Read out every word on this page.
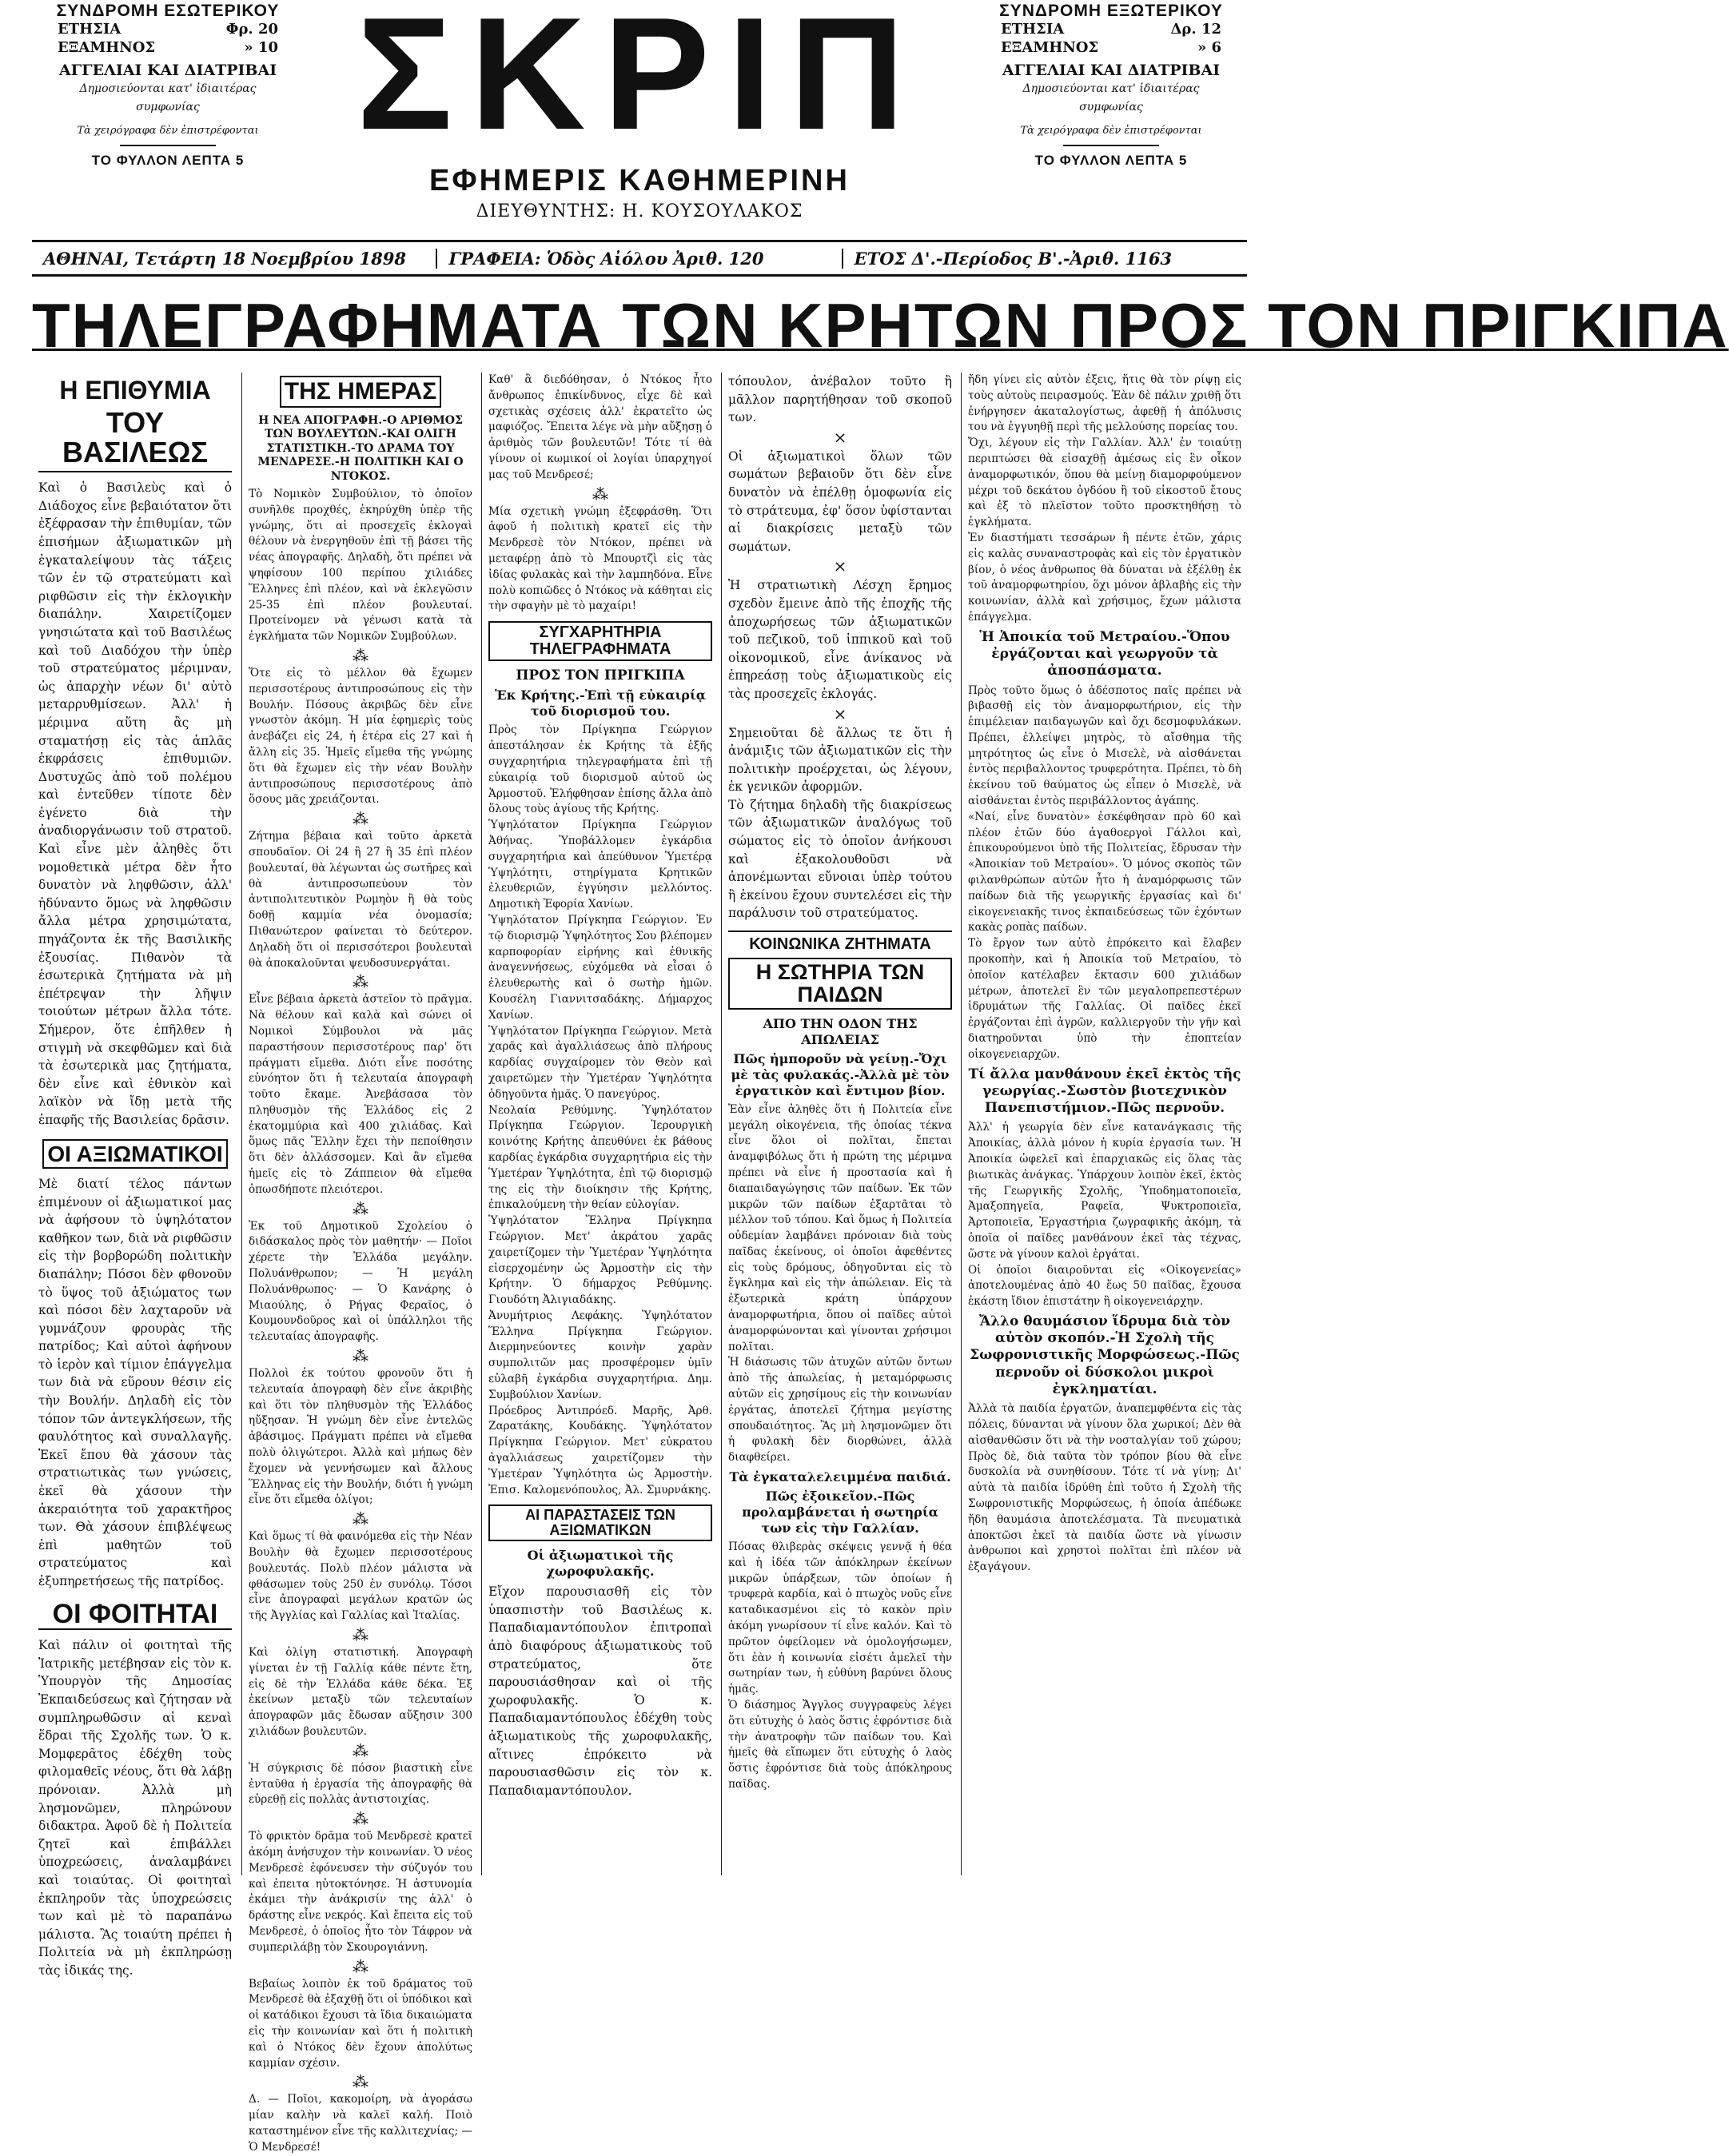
ΣΥΝΔΡΟΜΗ ΕΣΩΤΕΡΙΚΟΥ
ΕΤΗΣΙΑ	Φρ. 20
ΕΞΑΜΗΝΟΣ	» 10
ΑΓΓΕΛΙΑΙ ΚΑΙ ΔΙΑΤΡΙΒΑΙ
Δημοσιεύονται κατ' ἰδιαιτέρας συμφωνίας
Τὰ χειρόγραφα δὲν ἐπιστρέφονται
ΤΟ ΦΥΛΛΟΝ ΛΕΠΤΑ 5 ΣΚΡΙΠ
ΕΦΗΜΕΡΙΣ ΚΑΘΗΜΕΡΙΝΗ
ΔΙΕΥΘΥΝΤΗΣ: Η. ΚΟΥΣΟΥΛΑΚΟΣ
ΣΥΝΔΡΟΜΗ ΕΞΩΤΕΡΙΚΟΥ
ΕΤΗΣΙΑ	Δρ. 12
ΕΞΑΜΗΝΟΣ	» 6
ΑΓΓΕΛΙΑΙ ΚΑΙ ΔΙΑΤΡΙΒΑΙ
Δημοσιεύονται κατ' ἰδιαιτέρας συμφωνίας
Τὰ χειρόγραφα δὲν ἐπιστρέφονται
ΤΟ ΦΥΛΛΟΝ ΛΕΠΤΑ 5
ΑΘΗΝΑΙ, Τετάρτη 18 Νοεμβρίου 1898	ΓΡΑΦΕΙΑ: Ὁδὸς Αἰόλου Ἀριθ. 120	ΕΤΟΣ Δ'.-Περίοδος Β'.-Ἀριθ. 1163
ΤΗΛΕΓΡΑΦΗΜΑΤΑ ΤΩΝ ΚΡΗΤΩΝ ΠΡΟΣ ΤΟΝ ΠΡΙΓΚΙΠΑ
Η ΕΠΙΘΥΜΙΑ
ΤΟΥ ΒΑΣΙΛΕΩΣ
Καὶ ὁ Βασιλεὺς καὶ ὁ Διάδοχος εἶνε βεβαιότατον ὅτι ἐξέφρασαν τὴν ἐπιθυμίαν, τῶν ἐπισήμων ἀξιωματικῶν μὴ ἐγκαταλείψουν τὰς τάξεις τῶν ἐν τῷ στρατεύματι καὶ ριφθῶσιν εἰς τὴν ἐκλογικὴν διαπάλην. Χαιρετίζομεν γνησιώτατα καὶ τοῦ Βασιλέως καὶ τοῦ Διαδόχου τὴν ὑπὲρ τοῦ στρατεύματος μέριμναν, ὡς ἀπαρχὴν νέων δι' αὐτὸ μεταρρυθμίσεων. Ἀλλ' ἡ μέριμνα αὕτη ἂς μὴ σταματήσῃ εἰς τὰς ἁπλᾶς ἐκφράσεις ἐπιθυμιῶν. Δυστυχῶς ἀπὸ τοῦ πολέμου καὶ ἐντεῦθεν τίποτε δὲν ἐγένετο διὰ τὴν ἀναδιοργάνωσιν τοῦ στρατοῦ. Καὶ εἶνε μὲν ἀληθὲς ὅτι νομοθετικὰ μέτρα δὲν ἦτο δυνατὸν νὰ ληφθῶσιν, ἀλλ' ἠδύναντο ὅμως νὰ ληφθῶσιν ἄλλα μέτρα χρησιμώτατα, πηγάζοντα ἐκ τῆς Βασιλικῆς ἐξουσίας. Πιθανὸν τὰ ἐσωτερικὰ ζητήματα νὰ μὴ ἐπέτρεψαν τὴν λῆψιν τοιούτων μέτρων ἄλλα τότε. Σήμερον, ὅτε ἐπῆλθεν ἡ στιγμὴ νὰ σκεφθῶμεν καὶ διὰ τὰ ἐσωτερικὰ μας ζητήματα, δὲν εἶνε καὶ ἐθνικὸν καὶ λαϊκὸν νὰ ἴδῃ μετὰ τῆς ἐπαφῆς τῆς Βασιλείας δρᾶσιν.
ΟΙ ΑΞΙΩΜΑΤΙΚΟΙ
Μὲ διατί τέλος πάντων ἐπιμένουν οἱ ἀξιωματικοί μας νὰ ἀφήσουν τὸ ὑψηλότατον καθῆκον των, διὰ νὰ ριφθῶσιν εἰς τὴν βορβορώδη πολιτικὴν διαπάλην; Πόσοι δὲν φθονοῦν τὸ ὕψος τοῦ ἀξιώματος των καὶ πόσοι δὲν λαχταροῦν νὰ γυμνάζουν φρουρὰς τῆς πατρίδος; Καὶ αὐτοὶ ἀφήνουν τὸ ἱερὸν καὶ τίμιον ἐπάγγελμα των διὰ νὰ εὕρουν θέσιν εἰς τὴν Βουλήν. Δηλαδὴ εἰς τὸν τόπον τῶν ἀντεγκλήσεων, τῆς φαυλότητος καὶ συναλλαγῆς. Ἐκεῖ ἔπου θὰ χάσουν τὰς στρατιωτικὰς των γνώσεις, ἐκεῖ θὰ χάσουν τὴν ἀκεραιότητα τοῦ χαρακτῆρος των. Θὰ χάσουν ἐπιβλέψεως ἐπὶ μαθητῶν τοῦ στρατεύματος καὶ ἐξυπηρετήσεως τῆς πατρίδος.
ΟΙ ΦΟΙΤΗΤΑΙ
Καὶ πάλιν οἱ φοιτηταὶ τῆς Ἰατρικῆς μετέβησαν εἰς τὸν κ. Ὑπουργὸν τῆς Δημοσίας Ἐκπαιδεύσεως καὶ ζήτησαν νὰ συμπληρωθῶσιν αἱ κεναὶ ἕδραι τῆς Σχολῆς των. Ὁ κ. Μομφερᾶτος ἐδέχθη τοὺς φιλομαθεῖς νέους, ὅτι θὰ λάβῃ πρόνοιαν. Ἀλλὰ μὴ λησμονῶμεν, πληρώνουν διδακτρα. Ἀφοῦ δὲ ἡ Πολιτεία ζητεῖ καὶ ἐπιβάλλει ὑποχρεώσεις, ἀναλαμβάνει καὶ τοιαύτας. Οἱ φοιτηταὶ ἐκπληροῦν τὰς ὑποχρεώσεις των καὶ μὲ τὸ παραπάνω μάλιστα. Ἂς τοιαύτη πρέπει ἡ Πολιτεία νὰ μὴ ἐκπληρώσῃ τὰς ἰδικάς της.
ΤΗΣ ΗΜΕΡΑΣ
Η ΝΕΑ ΑΠΟΓΡΑΦΗ.-Ο ΑΡΙΘΜΟΣ ΤΩΝ ΒΟΥΛΕΥΤΩΝ.-ΚΑΙ ΟΛΙΓΗ ΣΤΑΤΙΣΤΙΚΗ.-ΤΟ ΔΡΑΜΑ ΤΟΥ ΜΕΝΔΡΕΣΕ.-Η ΠΟΛΙΤΙΚΗ ΚΑΙ Ο ΝΤΟΚΟΣ.
Τὸ Νομικὸν Συμβούλιον, τὸ ὁποῖον συνῆλθε προχθές, ἐκηρύχθη ὑπὲρ τῆς γνώμης, ὅτι αἱ προσεχεῖς ἐκλογαὶ θέλουν νὰ ἐνεργηθοῦν ἐπὶ τῇ βάσει τῆς νέας ἀπογραφῆς. Δηλαδὴ, ὅτι πρέπει νὰ ψηφίσουν 100 περίπου χιλιάδες Ἕλληνες ἐπὶ πλέον, καὶ νὰ ἐκλεγῶσιν 25-35 ἐπὶ πλέον βουλευταί. Προτείνομεν νὰ γένωσι κατὰ τὰ ἐγκλήματα τῶν Νομικῶν Συμβούλων.
⁂
Ὅτε εἰς τὸ μέλλον θὰ ἔχωμεν περισσοτέρους ἀντιπροσώπους εἰς τὴν Βουλήν. Πόσους ἀκριβῶς δὲν εἶνε γνωστὸν ἀκόμη. Ἡ μία ἐφημερὶς τοὺς ἀνεβάζει εἰς 24, ἡ ἑτέρα εἰς 27 καὶ ἡ ἄλλη εἰς 35. Ἡμεῖς εἴμεθα τῆς γνώμης ὅτι θὰ ἔχωμεν εἰς τὴν νέαν Βουλὴν ἀντιπροσώπους περισσοτέρους ἀπὸ ὅσους μᾶς χρειάζονται.
⁂
Ζήτημα βέβαια καὶ τοῦτο ἀρκετὰ σπουδαῖον. Οἱ 24 ἢ 27 ἢ 35 ἐπὶ πλέον βουλευταί, θὰ λέγωνται ὡς σωτῆρες καὶ θὰ ἀντιπροσωπεύουν τὸν ἀντιπολιτευτικὸν Ρωμηὸν ἢ θὰ τοὺς δοθῇ καμμία νέα ὀνομασία; Πιθανώτερον φαίνεται τὸ δεύτερον. Δηλαδὴ ὅτι οἱ περισσότεροι βουλευταὶ θὰ ἀποκαλοῦνται ψευδοσυνεργάται.
⁂
Εἶνε βέβαια ἀρκετὰ ἀστεῖον τὸ πρᾶγμα. Νὰ θέλουν καὶ καλὰ καὶ σώνει οἱ Νομικοὶ Σύμβουλοι νὰ μᾶς παραστήσουν περισσοτέρους παρ' ὅτι πράγματι εἴμεθα. Διότι εἶνε ποσότης εὐνόητον ὅτι ἡ τελευταία ἀπογραφὴ τοῦτο ἔκαμε. Ἀνεβάσασα τὸν πληθυσμὸν τῆς Ἑλλάδος εἰς 2 ἑκατομμύρια καὶ 400 χιλιάδας. Καὶ ὅμως πᾶς Ἕλλην ἔχει τὴν πεποίθησιν ὅτι δὲν ἀλλάσσομεν. Καὶ ἂν εἴμεθα ἡμεῖς εἰς τὸ Ζάππειον θὰ εἴμεθα ὁπωσδήποτε πλειότεροι.
⁂
Ἐκ τοῦ Δημοτικοῦ Σχολείου ὁ διδάσκαλος πρὸς τὸν μαθητήν· — Ποῖοι χέρετε τὴν Ἑλλάδα μεγάλην. Πολυάνθρωπον; — Ἡ μεγάλη Πολυάνθρωπος· — Ὁ Κανάρης ὁ Μιαούλης, ὁ Ρήγας Φεραῖος, ὁ Κουμουνδοῦρος καὶ οἱ ὑπάλληλοι τῆς τελευταίας ἀπογραφῆς.
⁂
Πολλοὶ ἐκ τούτου φρονοῦν ὅτι ἡ τελευταία ἀπογραφὴ δὲν εἶνε ἀκριβὴς καὶ ὅτι τὸν πληθυσμὸν τῆς Ἑλλάδος ηὔξησαν. Ἡ γνώμη δὲν εἶνε ἐντελῶς ἀβάσιμος. Πράγματι πρέπει νὰ εἴμεθα πολὺ ὀλιγώτεροι. Ἀλλὰ καὶ μήπως δὲν ἔχομεν νὰ γεννήσωμεν καὶ ἄλλους Ἕλληνας εἰς τὴν Βουλήν, διότι ἡ γνώμη εἶνε ὅτι εἴμεθα ὀλίγοι;
⁂
Καὶ ὅμως τί θὰ φαινόμεθα εἰς τὴν Νέαν Βουλὴν θὰ ἔχωμεν περισσοτέρους βουλευτάς. Πολὺ πλέον μάλιστα νὰ φθάσωμεν τοὺς 250 ἐν συνόλῳ. Τόσοι εἶνε ἀπογραφαὶ μεγάλων κρατῶν ὡς τῆς Ἀγγλίας καὶ Γαλλίας καὶ Ἰταλίας.
⁂
Καὶ ὀλίγη στατιστική. Ἀπογραφὴ γίνεται ἐν τῇ Γαλλίᾳ κάθε πέντε ἔτη, εἰς δὲ τὴν Ἑλλάδα κάθε δέκα. Ἐξ ἐκείνων μεταξὺ τῶν τελευταίων ἀπογραφῶν μᾶς ἔδωσαν αὔξησιν 300 χιλιάδων βουλευτῶν.
⁂
Ἡ σύγκρισις δὲ πόσον βιαστικὴ εἶνε ἐνταῦθα ἡ ἐργασία τῆς ἀπογραφῆς θὰ εὑρεθῇ εἰς πολλὰς ἀντιστοιχίας.
⁂
Τὸ φρικτὸν δρᾶμα τοῦ Μενδρεσὲ κρατεῖ ἀκόμη ἀνήσυχον τὴν κοινωνίαν. Ὁ νέος Μενδρεσὲ ἐφόνευσεν τὴν σύζυγόν του καὶ ἐπειτα ηὐτοκτόνησε. Ἡ ἀστυνομία ἐκάμει τὴν ἀνάκρισίν της ἀλλ' ὁ δράστης εἶνε νεκρός. Καὶ ἔπειτα εἰς τοῦ Μενδρεσὲ, ὁ ὁποῖος ἦτο τὸν Τάφρον νὰ συμπεριλάβῃ τὸν Σκουρογιάννη.
⁂
Βεβαίως λοιπὸν ἐκ τοῦ δράματος τοῦ Μενδρεσὲ θὰ ἐξαχθῇ ὅτι οἱ ὑπόδικοι καὶ οἱ κατάδικοι ἔχουσι τὰ ἴδια δικαιώματα εἰς τὴν κοινωνίαν καὶ ὅτι ἡ πολιτικὴ καὶ ὁ Ντόκος δὲν ἔχουν ἀπολύτως καμμίαν σχέσιν.
⁂
Δ. — Ποῖοι, κακομοίρη, νὰ ἀγοράσω μίαν καλὴν νὰ καλεῖ καλή. Ποιὸ καταστημένον εἶνε τῆς καλλιτεχνίας; — Ὁ Μενδρεσέ!
Καθ' ἃ διεδόθησαν, ὁ Ντόκος ἦτο ἄνθρωπος ἐπικίνδυνος, εἶχε δὲ καὶ σχετικὰς σχέσεις ἀλλ' ἐκρατεῖτο ὡς μαφιόζος. Ἔπειτα λέγε νὰ μὴν αὔξησῃ ὁ ἀριθμὸς τῶν βουλευτῶν! Τότε τί θὰ γίνουν οἱ κωμικοί οἱ λογίαι ὑπαρχηγοί μας τοῦ Μενδρεσέ;
⁂
Μία σχετικὴ γνώμη ἐξεφράσθη. Ὅτι ἀφοῦ ἡ πολιτικὴ κρατεῖ εἰς τὴν Μενδρεσὲ τὸν Ντόκον, πρέπει νὰ μεταφέρῃ ἀπὸ τὸ Μπουρτζὶ εἰς τὰς ἰδίας φυλακὰς καὶ τὴν λαμπηδόνα. Εἶνε πολὺ κοπιῶδες ὁ Ντόκος νὰ κάθηται εἰς τὴν σφαγὴν μὲ τὸ μαχαίρι!
ΣΥΓΧΑΡΗΤΗΡΙΑ ΤΗΛΕΓΡΑΦΗΜΑΤΑ
ΠΡΟΣ ΤΟΝ ΠΡΙΓΚΙΠΑ
Ἐκ Κρήτης.-Ἐπὶ τῇ εὐκαιρίᾳ τοῦ διορισμοῦ του.
Πρὸς τὸν Πρίγκηπα Γεώργιον ἀπεστάλησαν ἐκ Κρήτης τὰ ἑξῆς συγχαρητήρια τηλεγραφήματα ἐπὶ τῇ εὐκαιρίᾳ τοῦ διορισμοῦ αὐτοῦ ὡς Ἁρμοστοῦ. Ἐλήφθησαν ἐπίσης ἄλλα ἀπὸ ὅλους τοὺς ἁγίους τῆς Κρήτης.
Ὑψηλότατον Πρίγκηπα Γεώργιον Ἀθήνας. Ὑποβάλλομεν ἐγκάρδια συγχαρητήρια καὶ ἀπεύθυνον Ὑμετέρᾳ Ὑψηλότητι, στηρίγματα Κρητικῶν ἐλευθεριῶν, ἐγγύησιν μελλόντος. Δημοτικὴ Ἐφορία Χανίων.
Ὑψηλότατον Πρίγκηπα Γεώργιον. Ἐν τῷ διορισμῷ Ὑψηλότητος Σου βλέπομεν καρποφορίαν εἰρήνης καὶ ἐθνικῆς ἀναγεννήσεως, εὐχόμεθα νὰ εἶσαι ὁ ἐλευθερωτὴς καὶ ὁ σωτὴρ ἡμῶν. Κουσέλη Γιαννιτσαδάκης. Δήμαρχος Χανίων.
Ὑψηλότατον Πρίγκηπα Γεώργιον. Μετὰ χαρᾶς καὶ ἀγαλλιάσεως ἀπὸ πλήρους καρδίας συγχαίρομεν τὸν Θεὸν καὶ χαιρετῶμεν τὴν Ὑμετέραν Ὑψηλότητα ὁδηγοῦντα ἡμᾶς. Ὁ πανεγύρος.
Νεολαία Ρεθύμνης. Ὑψηλότατον Πρίγκηπα Γεώργιον. Ἱερουργικὴ κοινότης Κρήτης ἀπευθύνει ἐκ βάθους καρδίας ἐγκάρδια συγχαρητήρια εἰς τὴν Ὑμετέραν Ὑψηλότητα, ἐπὶ τῷ διορισμῷ της εἰς τὴν διοίκησιν τῆς Κρήτης, ἐπικαλούμενη τὴν θείαν εὐλογίαν.
Ὑψηλότατον Ἕλληνα Πρίγκηπα Γεώργιον. Μετ' ἀκράτου χαρᾶς χαιρετίζομεν τὴν Ὑμετέραν Ὑψηλότητα εἰσερχομένην ὡς Ἁρμοστὴν εἰς τὴν Κρήτην. Ὁ δήμαρχος Ρεθύμνης. Γιουδότη Ἀλιγιαδάκης.
Ἀνυμήτριος Λεφάκης. Ὑψηλότατον Ἕλληνα Πρίγκηπα Γεώργιον. Διερμηνεύοντες κοινὴν χαρὰν συμπολιτῶν μας προσφέρομεν ὑμῖν εὐλαβῆ ἐγκάρδια συγχαρητήρια. Δημ. Συμβούλιον Χανίων.
Πρόεδρος Ἀντιπρόεδ. Μαρῆς, Ἀρθ. Ζαρατάκης, Κουδάκης. Ὑψηλότατον Πρίγκηπα Γεώργιον. Μετ' εὐκρατου ἀγαλλιάσεως χαιρετίζομεν τὴν Ὑμετέραν Ὑψηλότητα ὡς Ἁρμοστὴν. Ἐπισ. Καλομενόπουλος, Ἀλ. Σμυρνάκης.
ΑΙ ΠΑΡΑΣΤΑΣΕΙΣ ΤΩΝ ΑΞΙΩΜΑΤΙΚΩΝ
Οἱ ἀξιωματικοὶ τῆς χωροφυλακῆς.
Εἴχον παρουσιασθῆ εἰς τὸν ὑπασπιστὴν τοῦ Βασιλέως κ. Παπαδιαμαντόπουλον ἐπιτροπαὶ ἀπὸ διαφόρους ἀξιωματικοὺς τοῦ στρατεύματος, ὅτε παρουσιάσθησαν καὶ οἱ τῆς χωροφυλακῆς. Ὁ κ. Παπαδιαμαντόπουλος ἐδέχθη τοὺς ἀξιωματικοὺς τῆς χωροφυλακῆς, αἵτινες ἐπρόκειτο νὰ παρουσιασθῶσιν εἰς τὸν κ. Παπαδιαμαντόπουλον.
τόπουλον, ἀνέβαλον τοῦτο ἢ μᾶλλον παρητήθησαν τοῦ σκοποῦ των.
×
Οἱ ἀξιωματικοὶ ὅλων τῶν σωμάτων βεβαιοῦν ὅτι δὲν εἶνε δυνατὸν νὰ ἐπέλθῃ ὁμοφωνία εἰς τὸ στράτευμα, ἐφ' ὅσον ὑφίστανται αἱ διακρίσεις μεταξὺ τῶν σωμάτων.
×
Ἡ στρατιωτικὴ Λέσχη ἔρημος σχεδὸν ἔμεινε ἀπὸ τῆς ἐποχῆς τῆς ἀποχωρήσεως τῶν ἀξιωματικῶν τοῦ πεζικοῦ, τοῦ ἱππικοῦ καὶ τοῦ οἰκονομικοῦ, εἶνε ἀνίκανος νὰ ἐπηρεάσῃ τοὺς ἀξιωματικοὺς εἰς τὰς προσεχεῖς ἐκλογάς.
×
Σημειοῦται δὲ ἄλλως τε ὅτι ἡ ἀνάμιξις τῶν ἀξιωματικῶν εἰς τὴν πολιτικὴν προέρχεται, ὡς λέγουν, ἐκ γενικῶν ἀφορμῶν.
Τὸ ζήτημα δηλαδὴ τῆς διακρίσεως τῶν ἀξιωματικῶν ἀναλόγως τοῦ σώματος εἰς τὸ ὁποῖον ἀνήκουσι καὶ ἐξακολουθοῦσι νὰ ἀπονέμωνται εὔνοιαι ὑπὲρ τούτου ἢ ἐκείνου ἔχουν συντελέσει εἰς τὴν παράλυσιν τοῦ στρατεύματος.
ΚΟΙΝΩΝΙΚΑ ΖΗΤΗΜΑΤΑ
Η ΣΩΤΗΡΙΑ ΤΩΝ ΠΑΙΔΩΝ
ΑΠΟ ΤΗΝ ΟΔΟΝ ΤΗΣ ΑΠΩΛΕΙΑΣ
Πῶς ἠμποροῦν νὰ γείνῃ.-Ὄχι μὲ τὰς φυλακάς.-Ἀλλὰ μὲ τὸν ἐργατικὸν καὶ ἔντιμον βίον.
Ἐὰν εἶνε ἀληθὲς ὅτι ἡ Πολιτεία εἶνε μεγάλη οἰκογένεια, τῆς ὁποίας τέκνα εἶνε ὅλοι οἱ πολῖται, ἔπεται ἀναμφιβόλως ὅτι ἡ πρώτη της μέριμνα πρέπει νὰ εἶνε ἡ προστασία καὶ ἡ διαπαιδαγώγησις τῶν παίδων. Ἐκ τῶν μικρῶν τῶν παίδων ἐξαρτᾶται τὸ μέλλον τοῦ τόπου. Καὶ ὅμως ἡ Πολιτεία οὐδεμίαν λαμβάνει πρόνοιαν διὰ τοὺς παῖδας ἐκείνους, οἱ ὁποῖοι ἀφεθέντες εἰς τοὺς δρόμους, ὁδηγοῦνται εἰς τὸ ἔγκλημα καὶ εἰς τὴν ἀπώλειαν. Εἰς τὰ ἐξωτερικὰ κράτη ὑπάρχουν ἀναμορφωτήρια, ὅπου οἱ παῖδες αὐτοὶ ἀναμορφώνονται καὶ γίνονται χρήσιμοι πολῖται.
Ἡ διάσωσις τῶν ἀτυχῶν αὐτῶν ὄντων ἀπὸ τῆς ἀπωλείας, ἡ μεταμόρφωσις αὐτῶν εἰς χρησίμους εἰς τὴν κοινωνίαν ἐργάτας, ἀποτελεῖ ζήτημα μεγίστης σπουδαιότητος. Ἂς μὴ λησμονῶμεν ὅτι ἡ φυλακὴ δὲν διορθώνει, ἀλλὰ διαφθείρει.
Τὰ ἐγκαταλελειμμένα παιδιά.
Πῶς ἐξοικεῖον.-Πῶς προλαμβάνεται ἡ σωτηρία των εἰς τὴν Γαλλίαν.
Πόσας θλιβερὰς σκέψεις γεννᾷ ἡ θέα καὶ ἡ ἰδέα τῶν ἀπόκληρων ἐκείνων μικρῶν ὑπάρξεων, τῶν ὁποίων ἡ τρυφερὰ καρδία, καὶ ὁ πτωχὸς νοῦς εἶνε καταδικασμένοι εἰς τὸ κακὸν πρὶν ἀκόμη γνωρίσουν τί εἶνε καλόν. Καὶ τὸ πρῶτον ὀφείλομεν νὰ ὁμολογήσωμεν, ὅτι ἐὰν ἡ κοινωνία εἰσέτι ἀμελεῖ τὴν σωτηρίαν των, ἡ εὐθύνη βαρύνει ὅλους ἡμᾶς.
Ὁ διάσημος Ἄγγλος συγγραφεὺς λέγει ὅτι εὐτυχὴς ὁ λαὸς ὅστις ἐφρόντισε διὰ τὴν ἀνατροφὴν τῶν παίδων του. Καὶ ἡμεῖς θὰ εἴπωμεν ὅτι εὐτυχὴς ὁ λαὸς ὅστις ἐφρόντισε διὰ τοὺς ἀπόκληρους παῖδας.
ἤδη γίνει εἰς αὐτὸν ἐξεις, ἥτις θὰ τὸν ρίψῃ εἰς τοὺς αὐτοὺς πειρασμούς. Ἐὰν δὲ πάλιν χριθῇ ὅτι ἐνήργησεν ἀκαταλογίστως, ἀφεθῇ ἡ ἀπόλυσις του νὰ ἐγγυηθῇ περὶ τῆς μελλούσης πορείας του.
Ὄχι, λέγουν εἰς τὴν Γαλλίαν. Ἀλλ' ἐν τοιαύτῃ περιπτώσει θὰ εἰσαχθῇ ἀμέσως εἰς ἓν οἶκον ἀναμορφωτικόν, ὅπου θὰ μείνῃ διαμορφούμενον μέχρι τοῦ δεκάτου ὀγδόου ἢ τοῦ εἰκοστοῦ ἔτους καὶ ἐξ τὸ πλεῖστον τοῦτο προσκτηθήσῃ τὸ ἐγκλήματα.
Ἐν διαστήματι τεσσάρων ἢ πέντε ἐτῶν, χάρις εἰς καλὰς συναναστροφὰς καὶ εἰς τὸν ἐργατικὸν βίον, ὁ νέος ἀνθρωπος θὰ δύναται νὰ ἐξέλθῃ ἐκ τοῦ ἀναμορφωτηρίου, ὅχι μόνον ἀβλαβὴς εἰς τὴν κοινωνίαν, ἀλλὰ καὶ χρήσιμος, ἔχων μάλιστα ἐπάγγελμα.
Ἡ Ἀποικία τοῦ Μετραίου.-Ὅπου ἐργάζονται καὶ γεωργοῦν τὰ ἀποσπάσματα.
Πρὸς τοῦτο ὅμως ὁ ἀδέσποτος παῖς πρέπει νὰ βιβασθῇ εἰς τὸν ἀναμορφωτήριον, εἰς τὴν ἐπιμέλειαν παιδαγωγῶν καὶ ὄχι δεσμοφυλάκων. Πρέπει, ἐλλείψει μητρὸς, τὸ αἴσθημα τῆς μητρότητος ὡς εἶνε ὁ Μισελὲ, νὰ αἰσθάνεται ἐντὸς περιβαλλοντος τρυφερότητα. Πρέπει, τὸ δὴ ἐκείνου τοῦ θαύματος ὡς εἶπεν ὁ Μισελὲ, νὰ αἰσθάνεται ἐντὸς περιβάλλοντος ἀγάπης.
«Ναί, εἶνε δυνατὸν» ἐσκέφθησαν πρὸ 60 καὶ πλέον ἐτῶν δύο ἀγαθοεργοὶ Γάλλοι καὶ, ἐπικουρούμενοι ὑπὸ τῆς Πολιτείας, ἔδρυσαν τὴν «Ἀποικίαν τοῦ Μετραίου». Ὁ μόνος σκοπὸς τῶν φιλανθρώπων αὐτῶν ἦτο ἡ ἀναμόρφωσις τῶν παίδων διὰ τῆς γεωργικῆς ἐργασίας καὶ δι' εἰκογενειακῆς τινος ἐκπαιδεύσεως τῶν ἐχόντων κακὰς ροπὰς παίδων.
Τὸ ἔργον των αὐτὸ ἐπρόκειτο καὶ ἔλαβεν προκοπὴν, καὶ ἡ Ἀποικία τοῦ Μετραίου, τὸ ὁποῖον κατέλαβεν ἔκτασιν 600 χιλιάδων μέτρων, ἀποτελεῖ ἓν τῶν μεγαλοπρεπεστέρων ἱδρυμάτων τῆς Γαλλίας. Οἱ παῖδες ἐκεῖ ἐργάζονται ἐπὶ ἀγρῶν, καλλιεργοῦν τὴν γῆν καὶ διατηροῦνται ὑπὸ τὴν ἐποπτείαν οἰκογενειαρχῶν.
Τί ἄλλα μανθάνουν ἐκεῖ ἐκτὸς τῆς γεωργίας.-Σωστὸν βιοτεχνικὸν Πανεπιστήμιον.-Πῶς περνοῦν.
Ἀλλ' ἡ γεωργία δὲν εἶνε κατανάγκασις τῆς Ἀποικίας, ἀλλὰ μόνον ἡ κυρία ἐργασία των. Ἡ Ἀποικία ὠφελεῖ καὶ ἐπαρχιακῶς εἰς ὅλας τὰς βιωτικὰς ἀνάγκας. Ὑπάρχουν λοιπὸν ἐκεῖ, ἐκτὸς τῆς Γεωργικῆς Σχολῆς, Ὑποδηματοποιεῖα, Ἀμαξοπηγεῖα, Ραφεῖα, Ψυκτροποιεῖα, Ἀρτοποιεῖα, Ἐργαστήρια ζωγραφικῆς ἀκόμη, τὰ ὁποῖα οἱ παῖδες μανθάνουν ἐκεῖ τὰς τέχνας, ὥστε νὰ γίνουν καλοὶ ἐργάται.
Οἱ ὁποῖοι διαιροῦνται εἰς «Οἰκογενείας» ἀποτελουμένας ἀπὸ 40 ἕως 50 παῖδας, ἔχουσα ἑκάστη ἴδιον ἐπιστάτην ἢ οἰκογενειάρχην.
Ἄλλο θαυμάσιον ἵδρυμα διὰ τὸν αὐτὸν σκοπόν.-Ἡ Σχολὴ τῆς Σωφρονιστικῆς Μορφώσεως.-Πῶς περνοῦν οἱ δύσκολοι μικροὶ ἐγκληματίαι.
Ἀλλὰ τὰ παιδία ἐργατῶν, ἀναπεμφθέντα εἰς τὰς πόλεις, δύνανται νὰ γίνουν ὅλα χωρικοί; Δὲν θὰ αἰσθανθῶσιν ὅτι νὰ τὴν νοσταλγίαν τοῦ χώρου; Πρὸς δὲ, διὰ ταῦτα τὸν τρόπον βίου θὰ εἶνε δυσκολία νὰ συνηθίσουν. Τότε τί νὰ γίνῃ; Δι' αὐτὰ τὰ παιδία ἱδρύθη ἐπὶ τοῦτο ἡ Σχολὴ τῆς Σωφρονιστικῆς Μορφώσεως, ἡ ὁποία ἀπέδωκε ἤδη θαυμάσια ἀποτελέσματα. Τὰ πνευματικὰ ἀποκτῶσι ἐκεῖ τὰ παιδία ὥστε νὰ γίνωσιν ἀνθρωποι καὶ χρηστοὶ πολῖται ἐπὶ πλέον νὰ ἐξαγάγουν.
